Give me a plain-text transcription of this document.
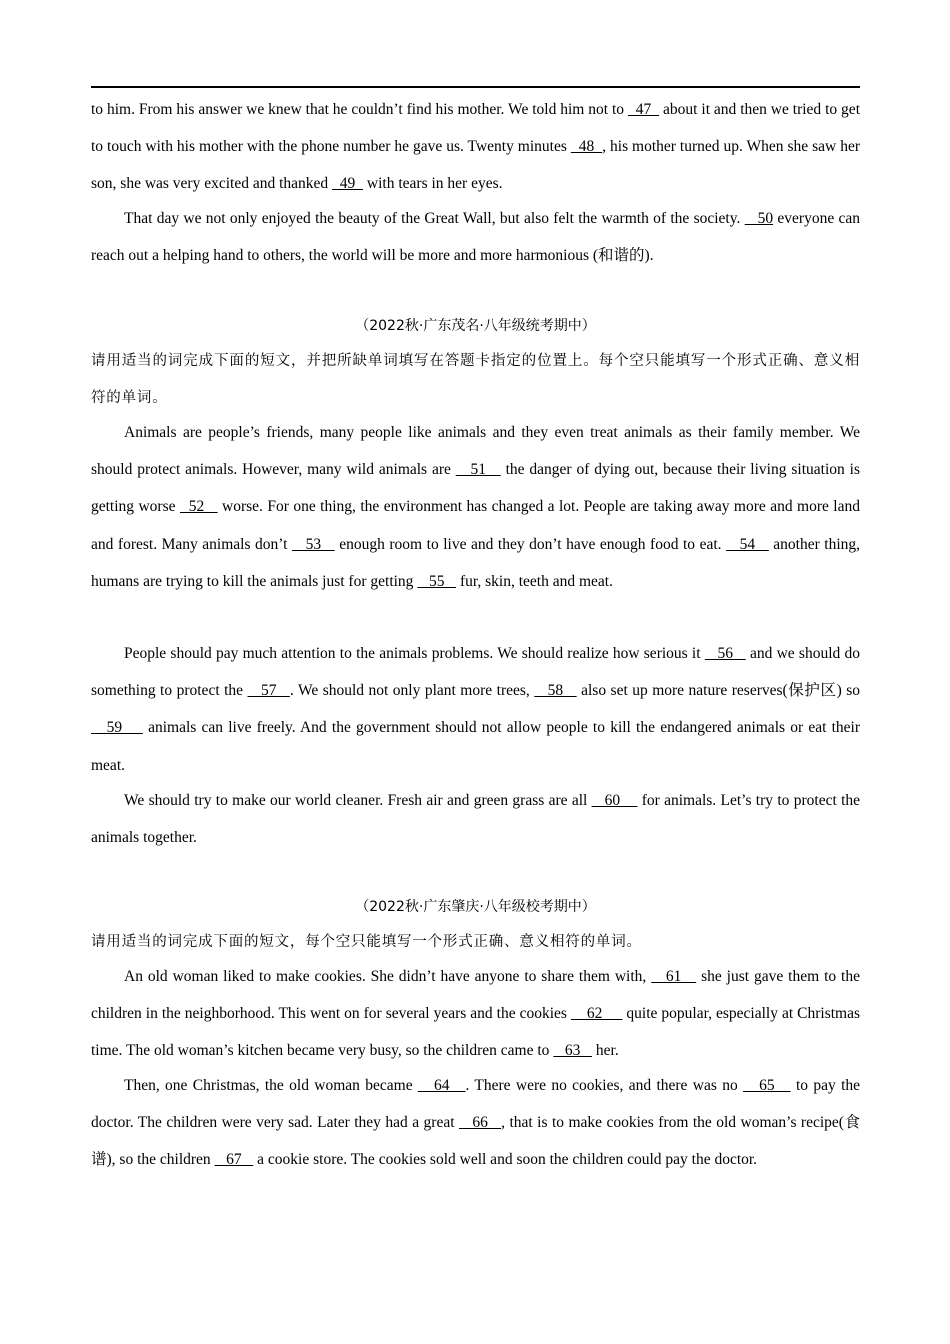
to him. From his answer we knew that he couldn’t find his mother. We told him not to   47   about it and then we tried to get to touch with his mother with the phone number he gave us. Twenty minutes   48  , his mother turned up. When she saw her son, she was very excited and thanked   49   with tears in her eyes.

That day we not only enjoyed the beauty of the Great Wall, but also felt the warmth of the society.    50 everyone can reach out a helping hand to others, the world will be more and more harmonious (和谐的).

（2022秋·广东茂名·八年级统考期中）

请用适当的词完成下面的短文，并把所缺单词填写在答题卡指定的位置上。每个空只能填写一个形式正确、意义相符的单词。

Animals are people’s friends, many people like animals and they even treat animals as their family member. We should protect animals. However, many wild animals are    51    the danger of dying out, because their living situation is getting worse   52    worse. For one thing, the environment has changed a lot. People are taking away more and more land and forest. Many animals don’t    53    enough room to live and they don’t have enough food to eat.    54    another thing, humans are trying to kill the animals just for getting    55    fur, skin, teeth and meat.

People should pay much attention to the animals problems. We should realize how serious it    56    and we should do something to protect the    57   . We should not only plant more trees,    58    also set up more nature reserves(保护区) so    59     animals can live freely. And the government should not allow people to kill the endangered animals or eat their meat.

We should try to make our world cleaner. Fresh air and green grass are all    60     for animals. Let’s try to protect the animals together.

（2022秋·广东肇庆·八年级校考期中）

请用适当的词完成下面的短文，每个空只能填写一个形式正确、意义相符的单词。

An old woman liked to make cookies. She didn’t have anyone to share them with,    61    she just gave them to the children in the neighborhood. This went on for several years and the cookies     62      quite popular, especially at Christmas time. The old woman’s kitchen became very busy, so the children came to    63    her.

Then, one Christmas, the old woman became    64   . There were no cookies, and there was no    65    to pay the doctor. The children were very sad. Later they had a great    66   , that is to make cookies from the old woman’s recipe(食谱), so the children    67    a cookie store. The cookies sold well and soon the children could pay the doctor.
